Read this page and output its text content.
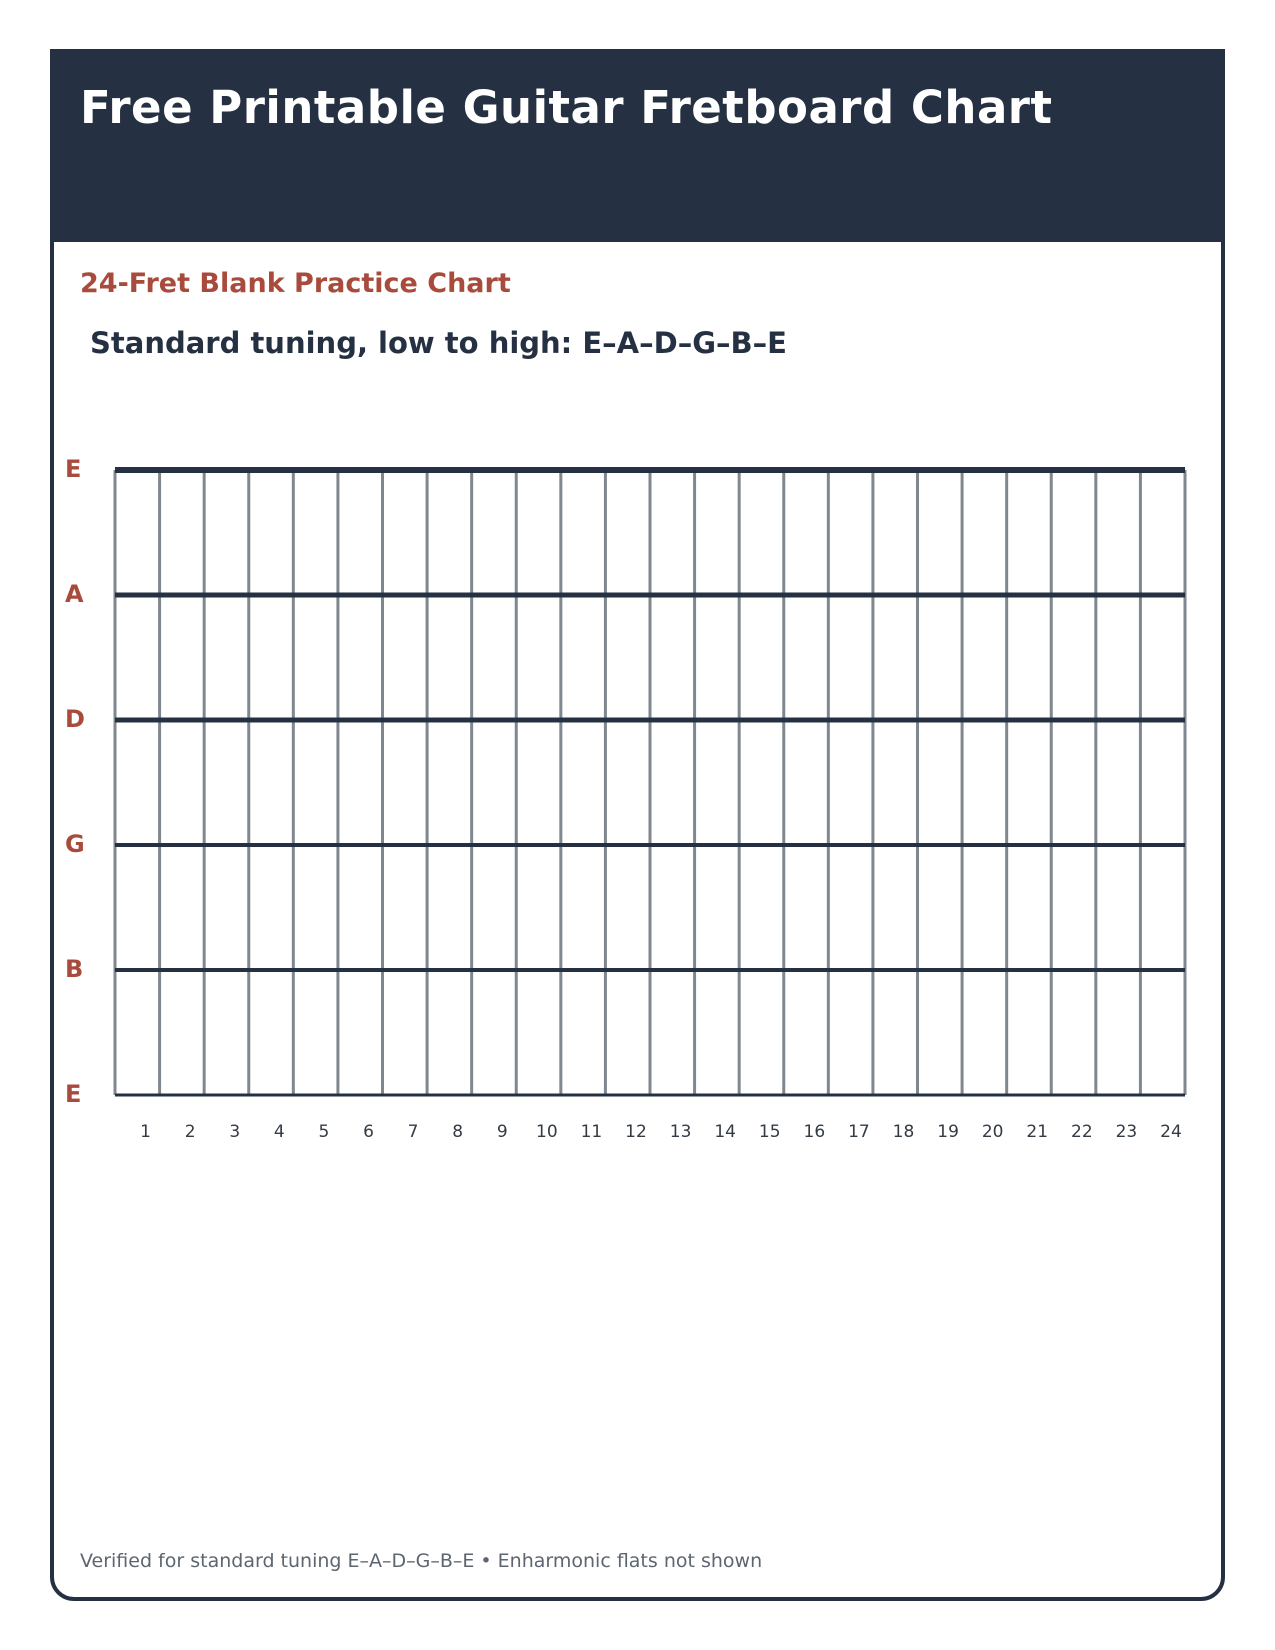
Free Printable Guitar Fretboard Chart
24-Fret Blank Practice Chart
Standard tuning, low to high: E–A–D–G–B–E
Verified for standard tuning E–A–D–G–B–E • Enharmonic flats not shown
E
A
D
G
B
E
1 2 3 4 5 6 7 8 9 10 11 12 13 14 15 16 17 18 19 20 21 22 23 24
